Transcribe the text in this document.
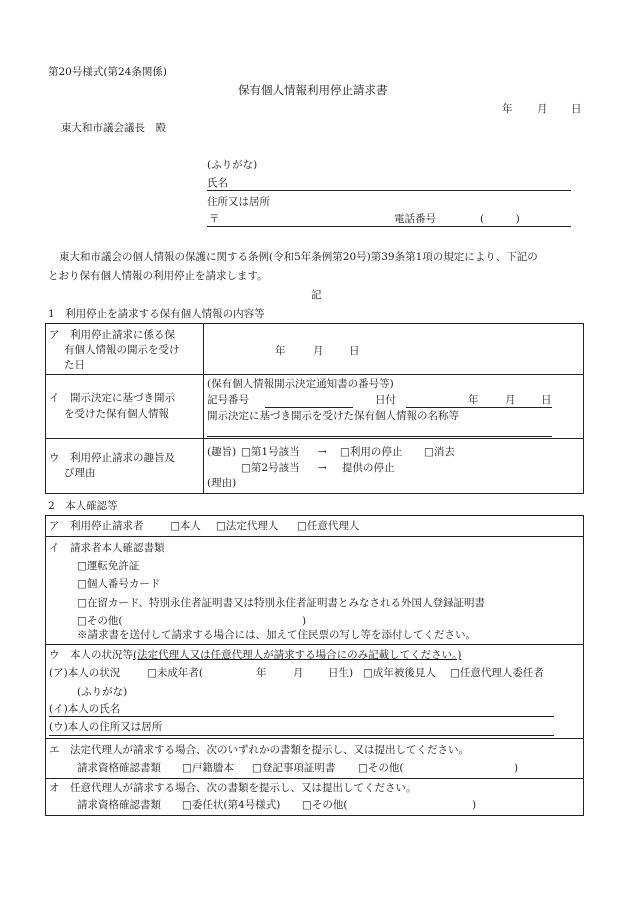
第20号様式(第24条関係)
保有個人情報利用停止請求書
年 月 日
東大和市議会議長　殿
(ふりがな)
氏名
住所又は居所
〒	電話番号	(　　　)
東大和市議会の個人情報の保護に関する条例(令和5年条例第20号)第39条第1項の規定により、下記の
とおり保有個人情報の利用停止を請求します。
記
1　利用停止を請求する保有個人情報の内容等
ア　利用停止請求に係る保
有個人情報の開示を受け
た日
年	月 日
イ　開示決定に基づき開示
を受けた保有個人情報
(保有個人情報開示決定通知書の番号等)
記号番号	日付	年	月 日
開示決定に基づき開示を受けた保有個人情報の名称等
ウ　利用停止請求の趣旨及
び理由
(趣旨) □第1号該当 → □利用の停止 □消去
□第2号該当 → 提供の停止
(理由)
2　本人確認等
ア　利用停止請求者	□本人 □法定代理人 □任意代理人
イ　請求者本人確認書類
□運転免許証
□個人番号カード
□在留カード、特別永住者証明書又は特別永住者証明書とみなされる外国人登録証明書
□その他(	)
※請求書を送付して請求する場合には、加えて住民票の写し等を添付してください。
ウ　本人の状況等(法定代理人又は任意代理人が請求する場合にのみ記載してください。)
(ア)本人の状況	□未成年者(	年	月 日生) □成年被後見人 □任意代理人委任者
(ふりがな)
(イ)本人の氏名
(ウ)本人の住所又は居所
エ　法定代理人が請求する場合、次のいずれかの書類を提示し、又は提出してください。
請求資格確認書類 □戸籍謄本 □登記事項証明書 □その他(	)
オ　任意代理人が請求する場合、次の書類を提示し、又は提出してください。
請求資格確認書類 □委任状(第4号様式) □その他(	)
